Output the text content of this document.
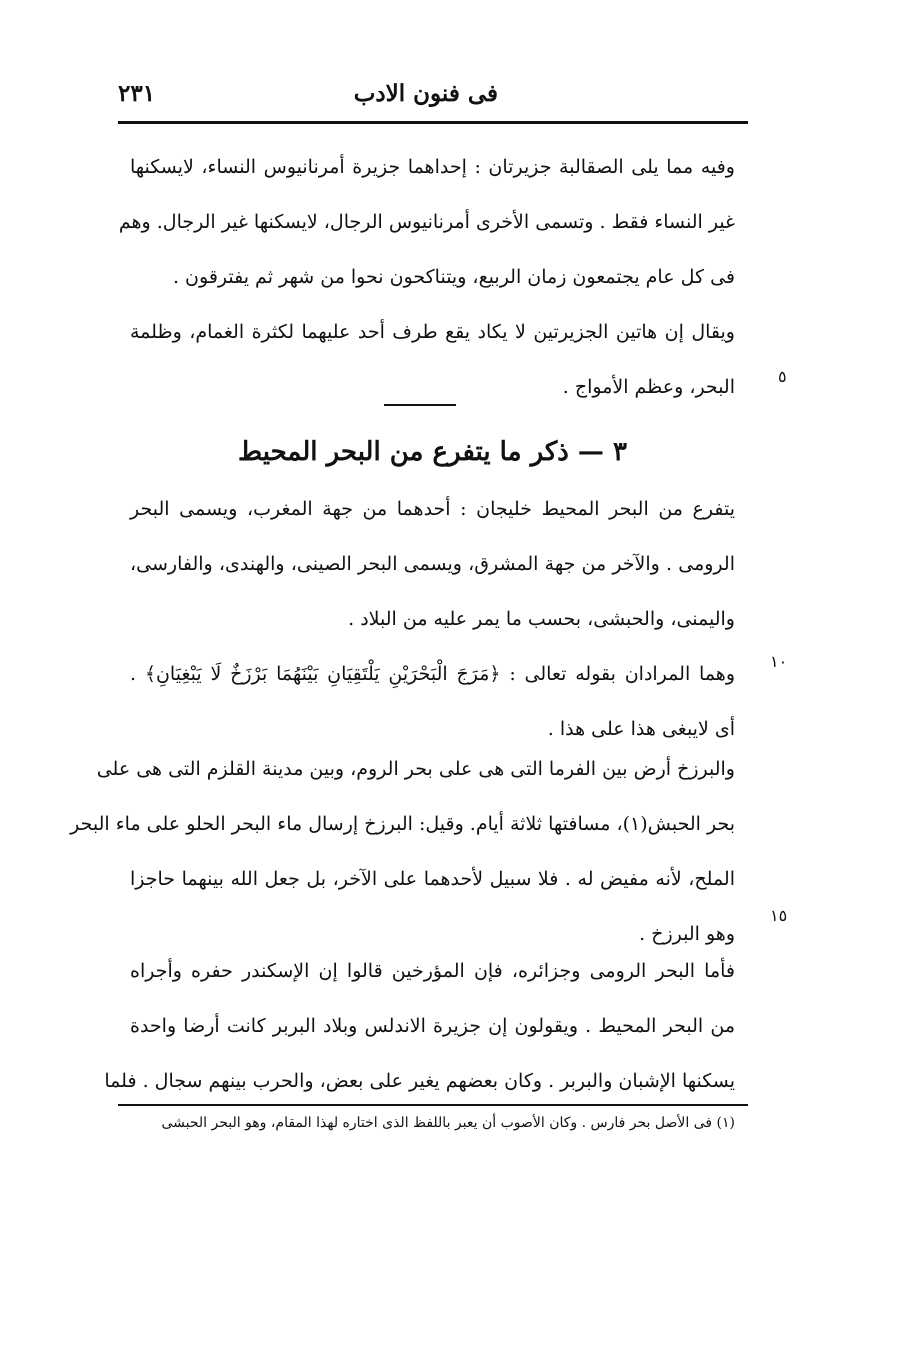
فى فنون الادب
٢٣١
وفيه مما يلى الصقالبة جزيرتان : إحداهما جزيرة أمرنانيوس النساء، لايسكنها
غير النساء فقط . وتسمى الأخرى أمرنانيوس الرجال، لايسكنها غير الرجال. وهم
فى كل عام يجتمعون زمان الربيع، ويتناكحون نحوا من شهر ثم يفترقون .
ويقال إن هاتين الجزيرتين لا يكاد يقع طرف أحد عليهما لكثرة الغمام، وظلمة
البحر، وعظم الأمواج .	٥
٣ — ذكر ما يتفرع من البحر المحيط
يتفرع من البحر المحيط خليجان : أحدهما من جهة المغرب، ويسمى البحر
الرومى . والآخر من جهة المشرق، ويسمى البحر الصينى، والهندى، والفارسى،
واليمنى، والحبشى، بحسب ما يمر عليه من البلاد .
وهما المرادان بقوله تعالى : ﴿مَرَجَ الْبَحْرَيْنِ يَلْتَقِيَانِ بَيْنَهُمَا بَرْزَخٌ لَا يَبْغِيَانِ﴾ .
أى لايبغى هذا على هذا .
١٠
والبرزخ أرض بين الفرما التى هى على بحر الروم، وبين مدينة القلزم التى هى على
بحر الحبش(١)، مسافتها ثلاثة أيام. وقيل: البرزخ إرسال ماء البحر الحلو على ماء البحر
الملح، لأنه مفيض له . فلا سبيل لأحدهما على الآخر، بل جعل الله بينهما حاجزا
وهو البرزخ .
١٥
فأما البحر الرومى وجزائره، فإن المؤرخين قالوا إن الإسكندر حفره وأجراه
من البحر المحيط . ويقولون إن جزيرة الاندلس وبلاد البربر كانت أرضا واحدة
يسكنها الإشبان والبربر . وكان بعضهم يغير على بعض، والحرب بينهم سجال . فلما
(١) فى الأصل بحر فارس . وكان الأصوب أن يعبر باللفظ الذى اختاره لهذا المقام، وهو البحر الحبشى
